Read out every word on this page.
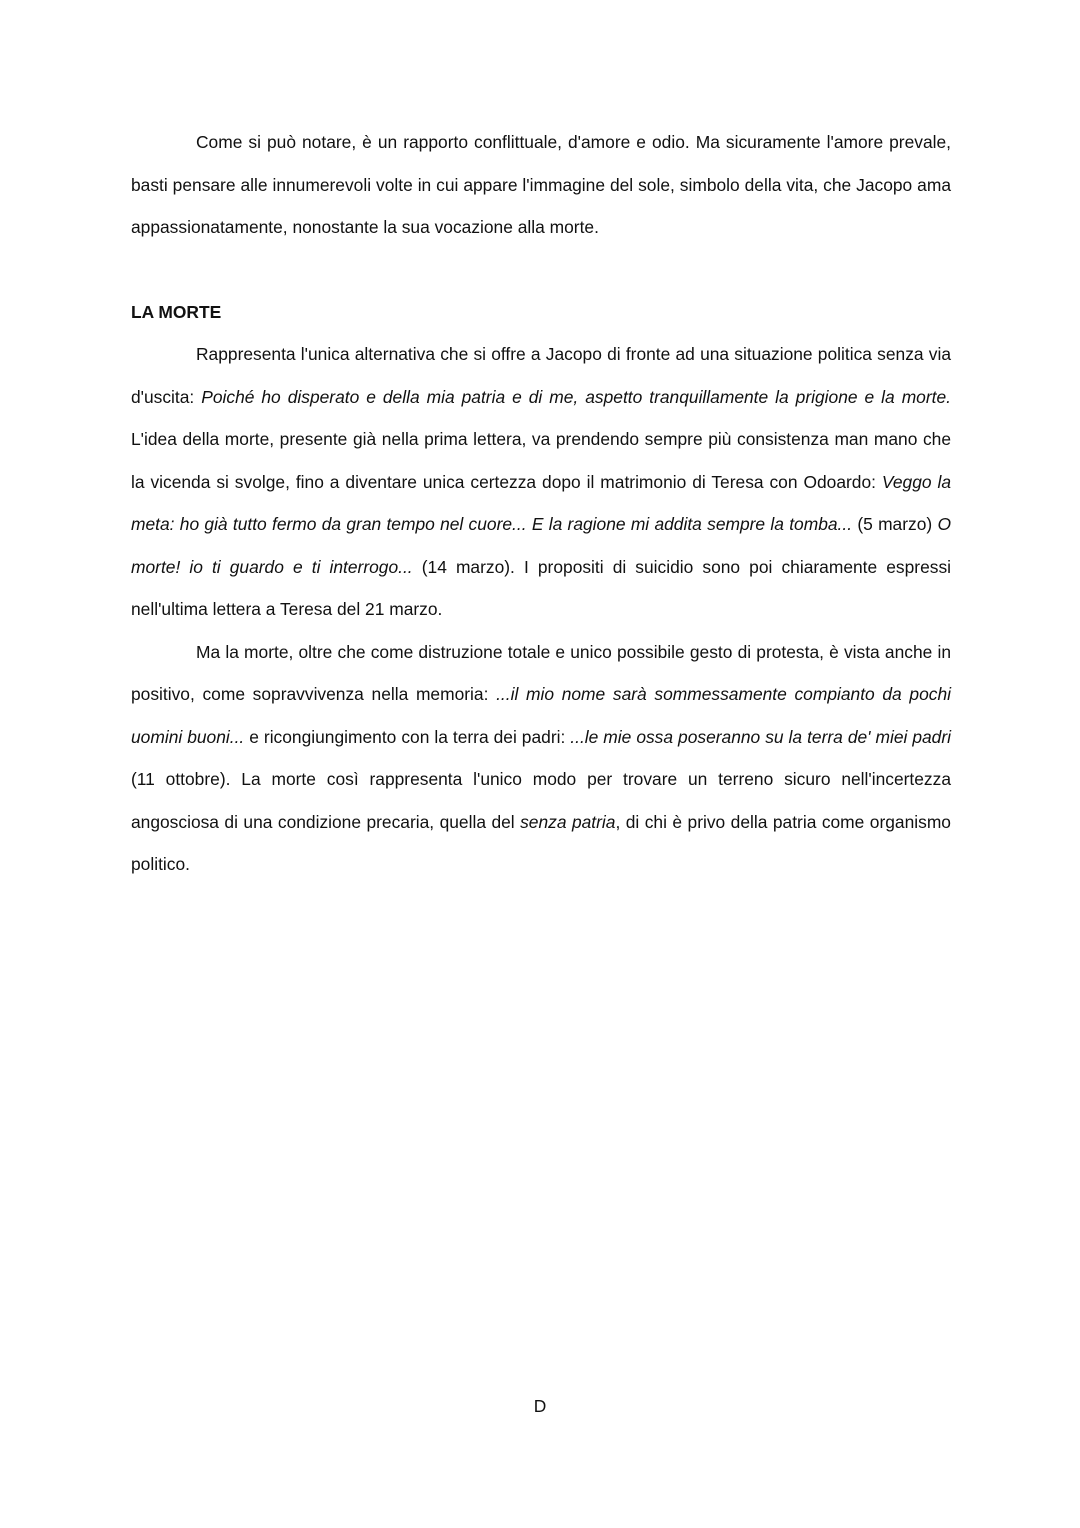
Come si può notare, è un rapporto conflittuale, d'amore e odio. Ma sicuramente l'amore prevale, basti pensare alle innumerevoli volte in cui appare l'immagine del sole, simbolo della vita, che Jacopo ama appassionatamente, nonostante la sua vocazione alla morte.

LA MORTE

Rappresenta l'unica alternativa che si offre a Jacopo di fronte ad una situazione politica senza via d'uscita: Poiché ho disperato e della mia patria e di me, aspetto tranquillamente la prigione e la morte. L'idea della morte, presente già nella prima lettera, va prendendo sempre più consistenza man mano che la vicenda si svolge, fino a diventare unica certezza dopo il matrimonio di Teresa con Odoardo: Veggo la meta: ho già tutto fermo da gran tempo nel cuore... E la ragione mi addita sempre la tomba... (5 marzo) O morte! io ti guardo e ti interrogo... (14 marzo). I propositi di suicidio sono poi chiaramente espressi nell'ultima lettera a Teresa del 21 marzo.

Ma la morte, oltre che come distruzione totale e unico possibile gesto di protesta, è vista anche in positivo, come sopravvivenza nella memoria: ...il mio nome sarà sommessamente compianto da pochi uomini buoni... e ricongiungimento con la terra dei padri: ...le mie ossa poseranno su la terra de' miei padri (11 ottobre). La morte così rappresenta l'unico modo per trovare un terreno sicuro nell'incertezza angosciosa di una condizione precaria, quella del senza patria, di chi è privo della patria come organismo politico.

D
